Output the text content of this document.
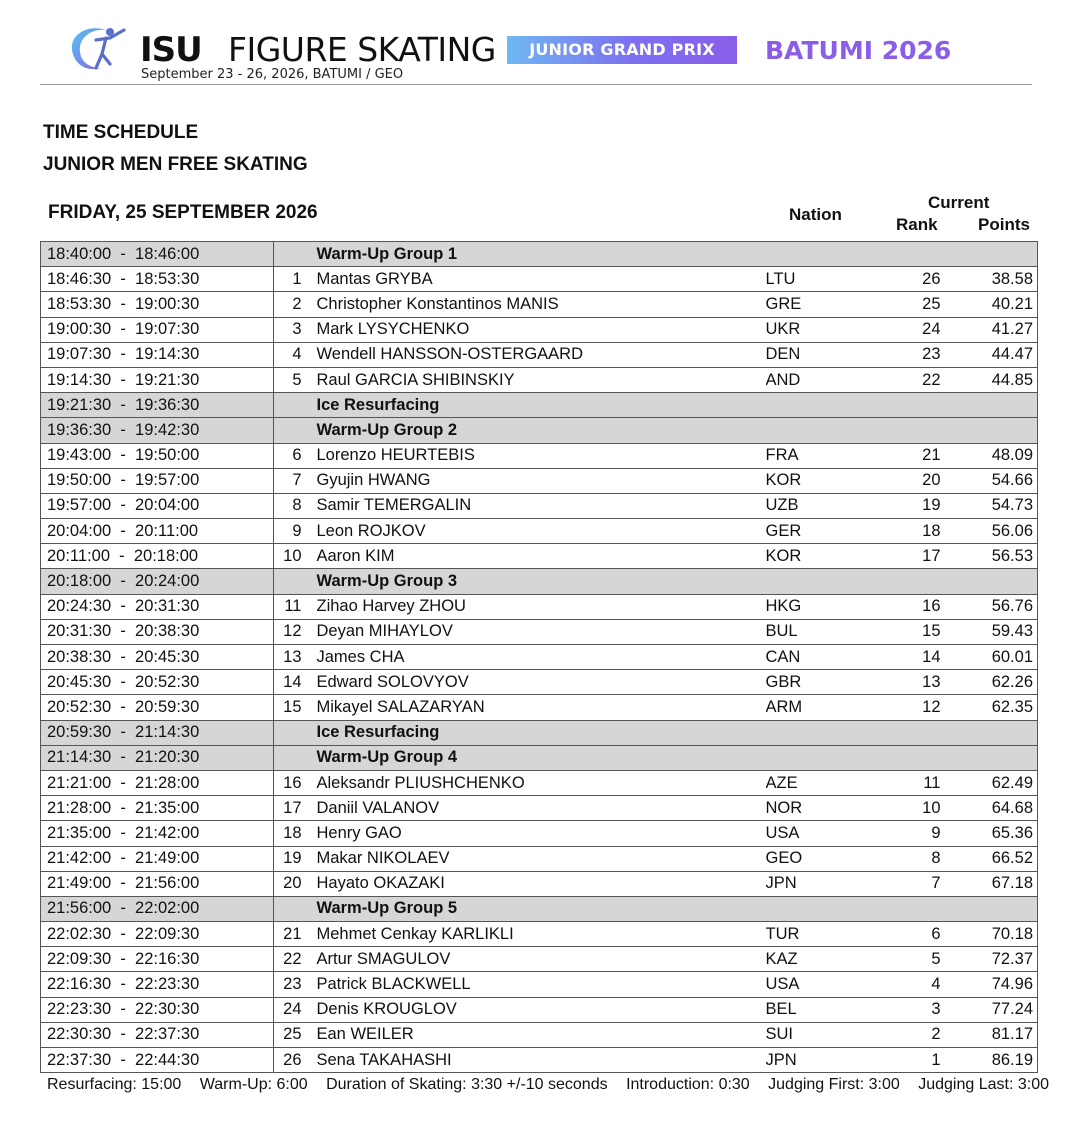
ISU FIGURE SKATING
September 23 - 26, 2026, BATUMI / GEO
JUNIOR GRAND PRIX	BATUMI 2026
TIME SCHEDULE
JUNIOR MEN FREE SKATING
FRIDAY, 25 SEPTEMBER 2026	Nation
Current
Rank Points
18:40:00  -  18:46:00		Warm-Up Group 1			
18:46:30  -  18:53:30	1	Mantas GRYBA	LTU	26	38.58
18:53:30  -  19:00:30	2	Christopher Konstantinos MANIS	GRE	25	40.21
19:00:30  -  19:07:30	3	Mark LYSYCHENKO	UKR	24	41.27
19:07:30  -  19:14:30	4	Wendell HANSSON-OSTERGAARD	DEN	23	44.47
19:14:30  -  19:21:30	5	Raul GARCIA SHIBINSKIY	AND	22	44.85
19:21:30  -  19:36:30		Ice Resurfacing			
19:36:30  -  19:42:30		Warm-Up Group 2			
19:43:00  -  19:50:00	6	Lorenzo HEURTEBIS	FRA	21	48.09
19:50:00  -  19:57:00	7	Gyujin HWANG	KOR	20	54.66
19:57:00  -  20:04:00	8	Samir TEMERGALIN	UZB	19	54.73
20:04:00  -  20:11:00	9	Leon ROJKOV	GER	18	56.06
20:11:00  -  20:18:00	10	Aaron KIM	KOR	17	56.53
20:18:00  -  20:24:00		Warm-Up Group 3			
20:24:30  -  20:31:30	11	Zihao Harvey ZHOU	HKG	16	56.76
20:31:30  -  20:38:30	12	Deyan MIHAYLOV	BUL	15	59.43
20:38:30  -  20:45:30	13	James CHA	CAN	14	60.01
20:45:30  -  20:52:30	14	Edward SOLOVYOV	GBR	13	62.26
20:52:30  -  20:59:30	15	Mikayel SALAZARYAN	ARM	12	62.35
20:59:30  -  21:14:30		Ice Resurfacing			
21:14:30  -  21:20:30		Warm-Up Group 4			
21:21:00  -  21:28:00	16	Aleksandr PLIUSHCHENKO	AZE	11	62.49
21:28:00  -  21:35:00	17	Daniil VALANOV	NOR	10	64.68
21:35:00  -  21:42:00	18	Henry GAO	USA	9	65.36
21:42:00  -  21:49:00	19	Makar NIKOLAEV	GEO	8	66.52
21:49:00  -  21:56:00	20	Hayato OKAZAKI	JPN	7	67.18
21:56:00  -  22:02:00		Warm-Up Group 5			
22:02:30  -  22:09:30	21	Mehmet Cenkay KARLIKLI	TUR	6	70.18
22:09:30  -  22:16:30	22	Artur SMAGULOV	KAZ	5	72.37
22:16:30  -  22:23:30	23	Patrick BLACKWELL	USA	4	74.96
22:23:30  -  22:30:30	24	Denis KROUGLOV	BEL	3	77.24
22:30:30  -  22:37:30	25	Ean WEILER	SUI	2	81.17
22:37:30  -  22:44:30	26	Sena TAKAHASHI	JPN	1	86.19
Resurfacing: 15:00 Warm-Up: 6:00 Duration of Skating: 3:30 +/-10 seconds Introduction: 0:30 Judging First: 3:00 Judging Last: 3:00
